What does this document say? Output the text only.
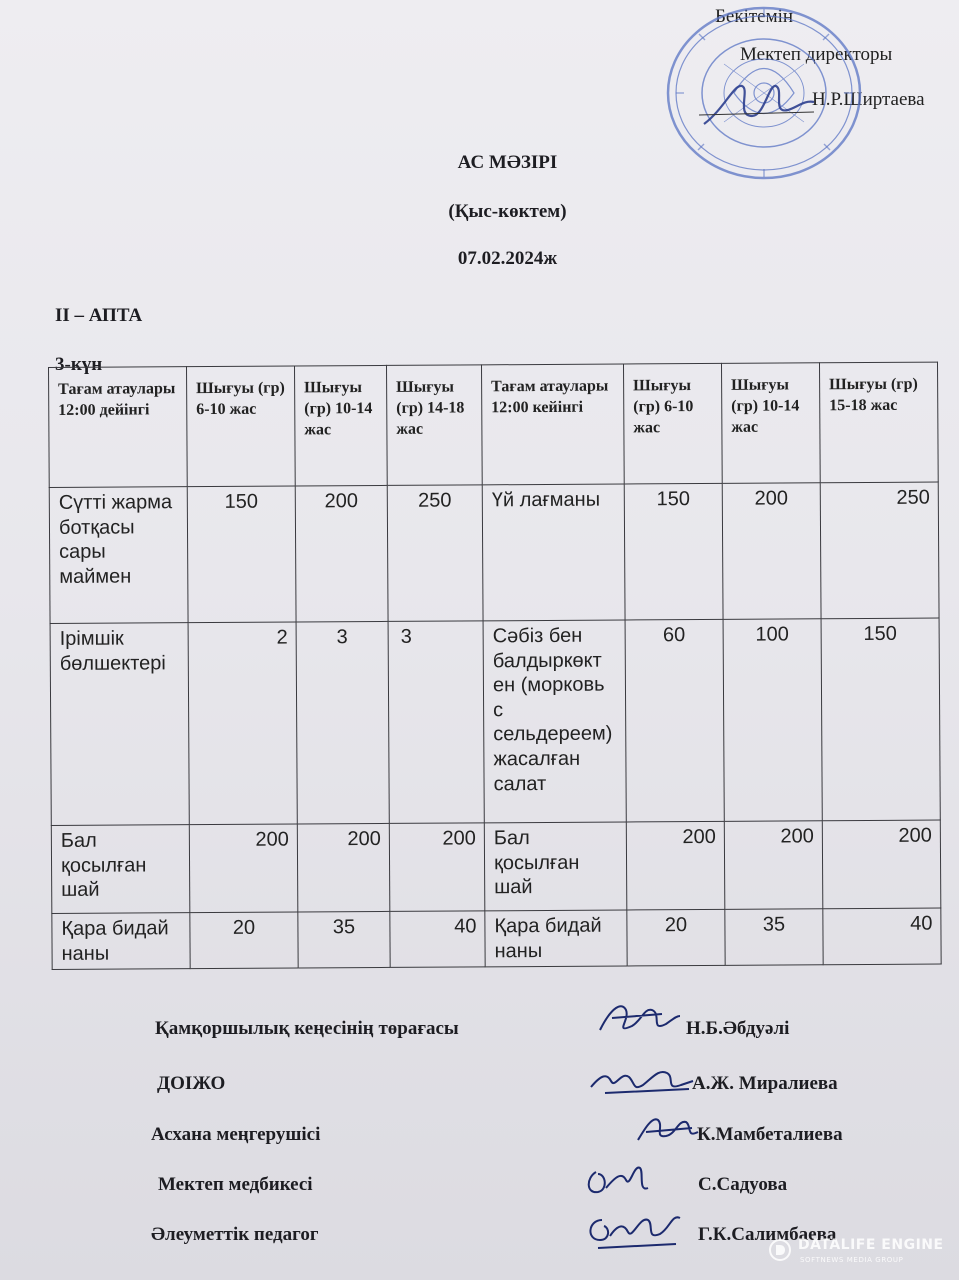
Бекітемін
Мектеп директоры
Н.Р.Ширтаева
АС МӘЗІРІ
(Қыс-көктем)
07.02.2024ж
II – АПТА
3-күн
Тағам атаулары 12:00 дейінгі	Шығуы (гр) 6-10 жас	Шығуы (гр) 10-14 жас	Шығуы (гр) 14-18 жас	Тағам атаулары 12:00 кейінгі	Шығуы (гр) 6-10 жас	Шығуы (гр) 10-14 жас	Шығуы (гр) 15-18 жас
Сүтті жарма ботқасы сары маймен	150	200	250	Үй лағманы	150	200	250
Ірімшік бөлшектері	2	3	3	Сәбіз бен балдыркөкт ен (морковь с сельдереем) жасалған салат	60	100	150
Бал қосылған шай	200	200	200	Бал қосылған шай	200	200	200
Қара бидай наны	20	35	40	Қара бидай наны	20	35	40
Қамқоршылық кеңесінің төрағасы	Н.Б.Әбдуәлі
ДОІЖО	А.Ж. Миралиева
Асхана меңгерушісі	К.Мамбеталиева
Мектеп медбикесі	С.Садуова
Әлеуметтік педагог	Г.К.Салимбаева
DATALIFE ENGINE
SOFTNEWS MEDIA GROUP
